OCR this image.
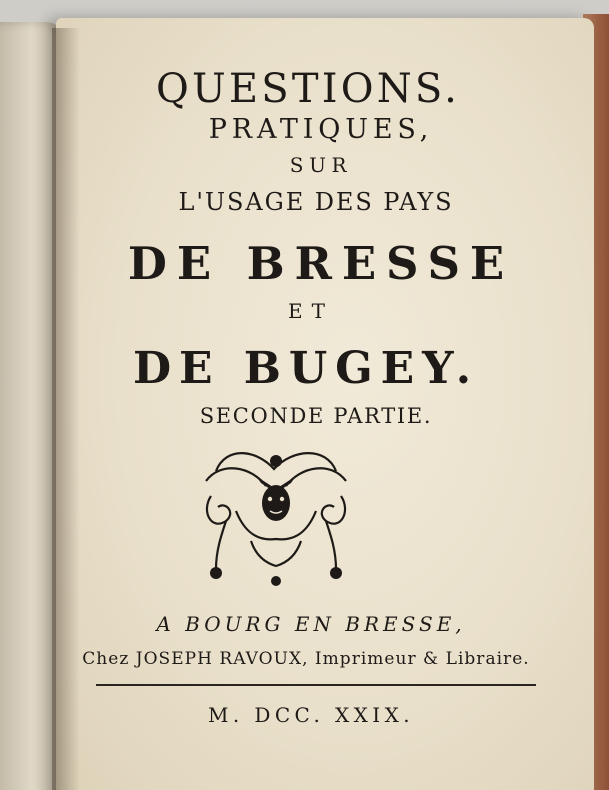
QUESTIONS.
PRATIQUES,
SUR
L'USAGE DES PAYS
DE BRESSE
ET
DE BUGEY.
SECONDE PARTIE.
A BOURG EN BRESSE,
Chez JOSEPH RAVOUX, Imprimeur & Libraire.
M. DCC. XXIX.
